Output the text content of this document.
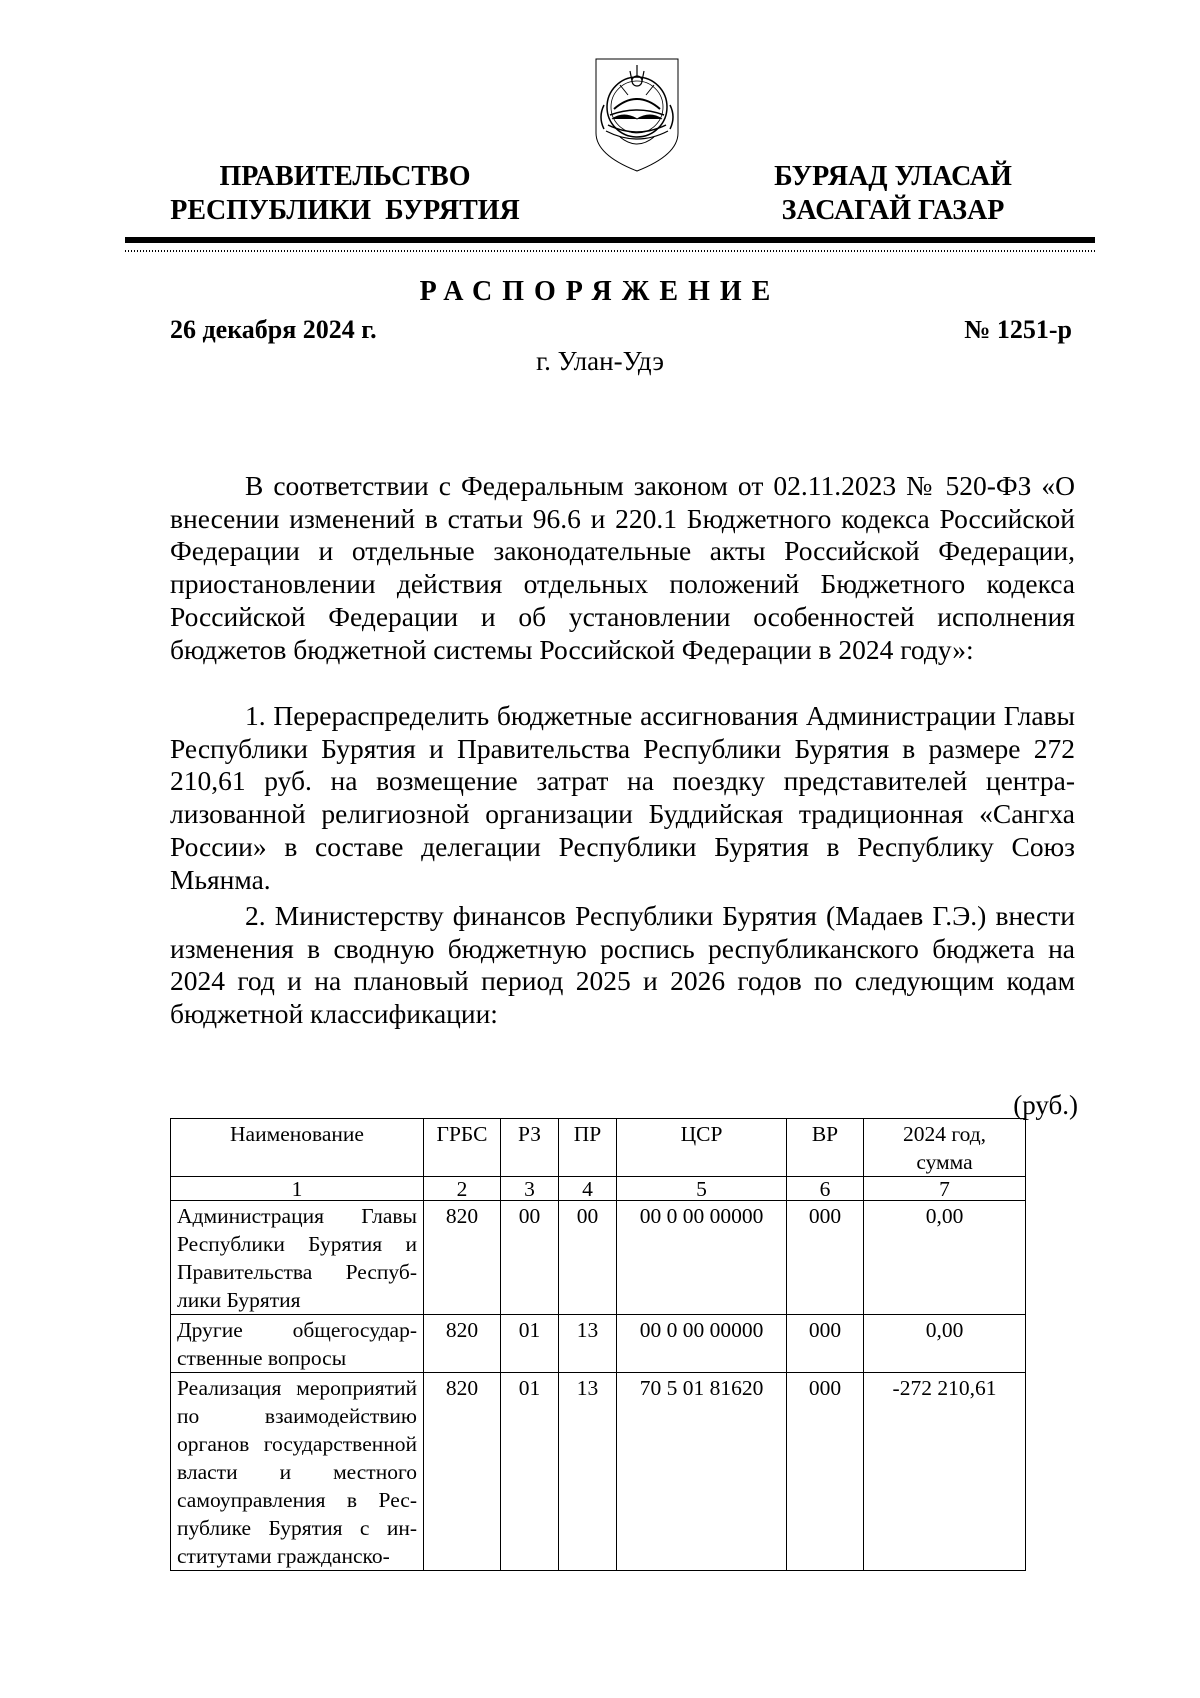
ПРАВИТЕЛЬСТВО
РЕСПУБЛИКИ  БУРЯТИЯ
БУРЯАД УЛАСАЙ
ЗАСАГАЙ ГАЗАР
РАСПОРЯЖЕНИЕ
26 декабря 2024 г.	№ 1251-р
г. Улан-Удэ
В соответствии с Федеральным законом от 02.11.2023 № 520-ФЗ «О внесении изменений в статьи 96.6 и 220.1 Бюджетного кодекса Российской Федерации и отдельные законодательные акты Российской Федерации, приостановлении действия отдельных положений Бюджетного кодекса Российской Федерации и об установлении особенностей исполнения бюджетов бюджетной системы Российской Федерации в 2024 году»:
1. Перераспределить бюджетные ассигнования Администрации Главы Республики Бурятия и Правительства Республики Бурятия в размере 272 210,61 руб. на возмещение затрат на поездку представителей централизованной религиозной организации Буддийская традиционная «Сангха России» в составе делегации Республики Бурятия в Республику Союз Мьянма.
2. Министерству финансов Республики Бурятия (Мадаев Г.Э.) внести изменения в сводную бюджетную роспись республиканского бюджета на 2024 год и на плановый период 2025 и 2026 годов по следующим кодам бюджетной классификации:
(руб.)
Наименование	ГРБС	РЗ	ПР	ЦСР	ВР	2024 год, сумма
1	2	3	4	5	6	7
Администрация Главы Республики Бурятия и Правительства Республики Бурятия	820	00	00	00 0 00 00000	000	0,00
Другие общегосударственные вопросы	820	01	13	00 0 00 00000	000	0,00
Реализация мероприятий по взаимодействию органов государственной власти и местного самоуправления в Республике Бурятия с институтами гражданско-	820	01	13	70 5 01 81620	000	-272 210,61
